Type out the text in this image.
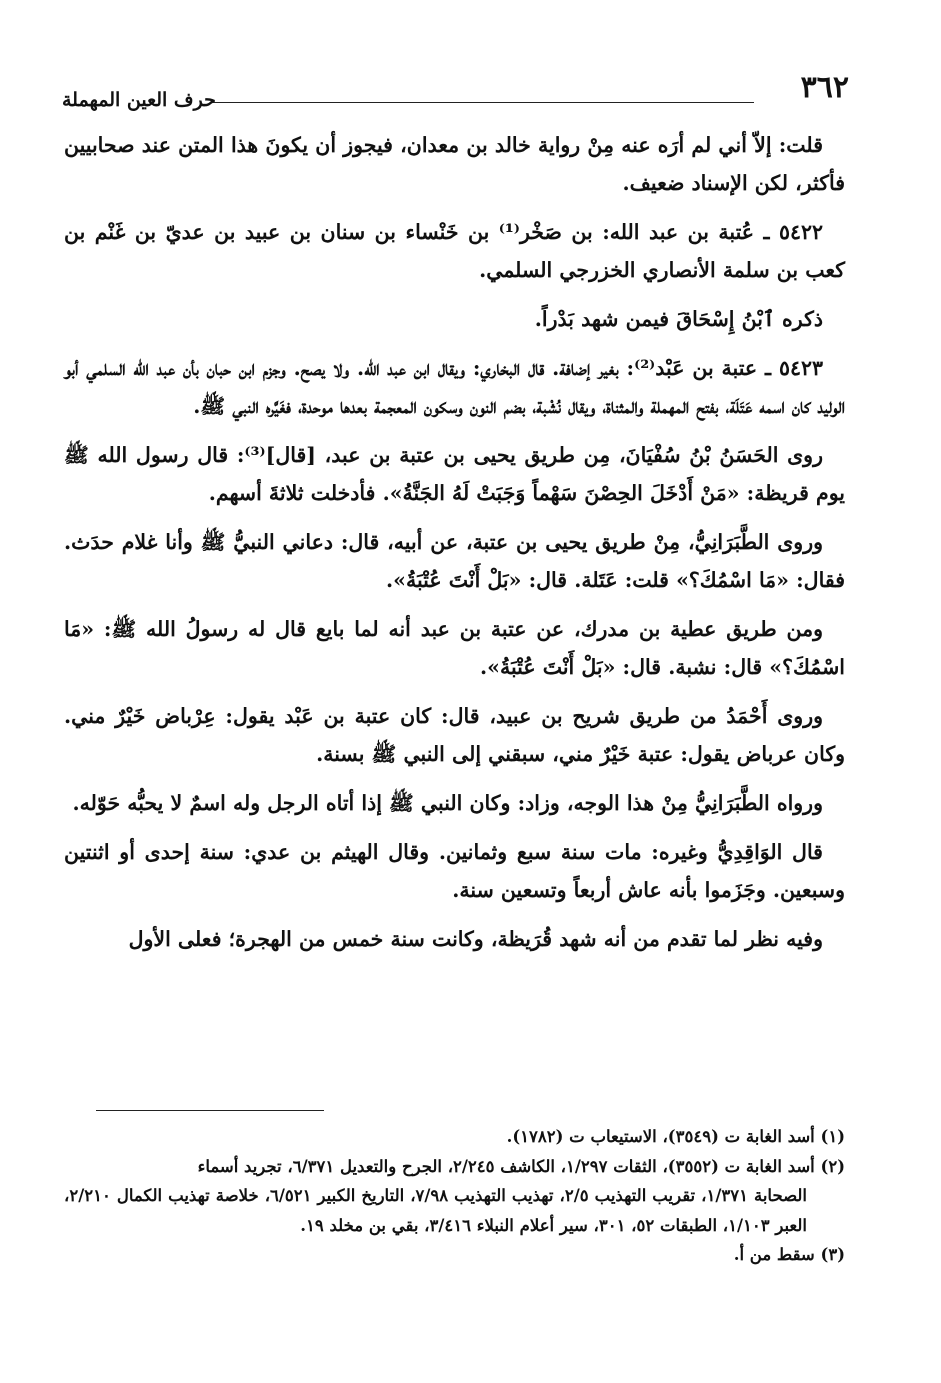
٣٦٢
حرف العين المهملة

قلت: إلاّ أني لم أرَه عنه مِنْ رواية خالد بن معدان، فيجوز أن يكونَ هذا المتن عند صحابيين فأكثر، لكن الإسناد ضعيف.

٥٤٢٢ ـ عُتبة بن عبد الله: بن صَخْر⁽¹⁾ بن خَنْساء بن سنان بن عبيد بن عديّ بن غَنْم بن كعب بن سلمة الأنصاري الخزرجي السلمي.

ذكره ٱبْنُ إِسْحَاقَ فيمن شهد بَدْراً.

٥٤٢٣ ـ عتبة بن عَبْد⁽²⁾: بغير إضافة. قال البخاري: ويقال ابن عبد الله. ولا يصح. وجزم ابن حبان بأن عبد الله السلمي أبو الوليد كان اسمه عَتَلَة، بفتح المهملة والمثناة، ويقال نُشْبة، بضم النون وسكون المعجمة بعدها موحدة، فغَيَّره النبي ﷺ.

روى الحَسَنُ بْنُ سُفْيَانَ، مِن طريق يحيى بن عتبة بن عبد، [قال]⁽³⁾: قال رسول الله ﷺ يوم قريظة: «مَنْ أَدْخَلَ الحِصْنَ سَهْماً وَجَبَتْ لَهُ الجَنَّةُ». فأدخلت ثلاثةَ أسهم.

وروى الطَّبَرَانِيُّ، مِنْ طريق يحيى بن عتبة، عن أبيه، قال: دعاني النبيُّ ﷺ وأنا غلام حدَث. فقال: «مَا اسْمُكَ؟» قلت: عَتَلة. قال: «بَلْ أَنْتَ عُتْبَةُ».

ومن طريق عطية بن مدرك، عن عتبة بن عبد أنه لما بايع قال له رسولُ الله ﷺ: «مَا اسْمُكَ؟» قال: نشبة. قال: «بَلْ أَنْتَ عُتْبَةُ».

وروى أَحْمَدُ من طريق شريح بن عبيد، قال: كان عتبة بن عَبْد يقول: عِرْباض خَيْرٌ مني. وكان عرباض يقول: عتبة خَيْرٌ مني، سبقني إلى النبي ﷺ بسنة.

ورواه الطَّبَرَانِيُّ مِنْ هذا الوجه، وزاد: وكان النبي ﷺ إذا أتاه الرجل وله اسمٌ لا يحبُّه حَوّله.

قال الوَاقِدِيُّ وغيره: مات سنة سبع وثمانين. وقال الهيثم بن عدي: سنة إحدى أو اثنتين وسبعين. وجَزَموا بأنه عاش أربعاً وتسعين سنة.

وفيه نظر لما تقدم من أنه شهد قُرَيظة، وكانت سنة خمس من الهجرة؛ فعلى الأول

(١) أسد الغابة ت (٣٥٤٩)، الاستيعاب ت (١٧٨٢).

(٢) أسد الغابة ت (٣٥٥٢)، الثقات ١/٢٩٧، الكاشف ٢/٢٤٥، الجرح والتعديل ٦/٣٧١، تجريد أسماء

الصحابة ١/٣٧١، تقريب التهذيب ٢/٥، تهذيب التهذيب ٧/٩٨، التاريخ الكبير ٦/٥٢١، خلاصة تهذيب الكمال ٢/٢١٠، العبر ١/١٠٣، الطبقات ٥٢، ٣٠١، سير أعلام النبلاء ٣/٤١٦، بقي بن مخلد ١٩.

(٣) سقط من أ.
